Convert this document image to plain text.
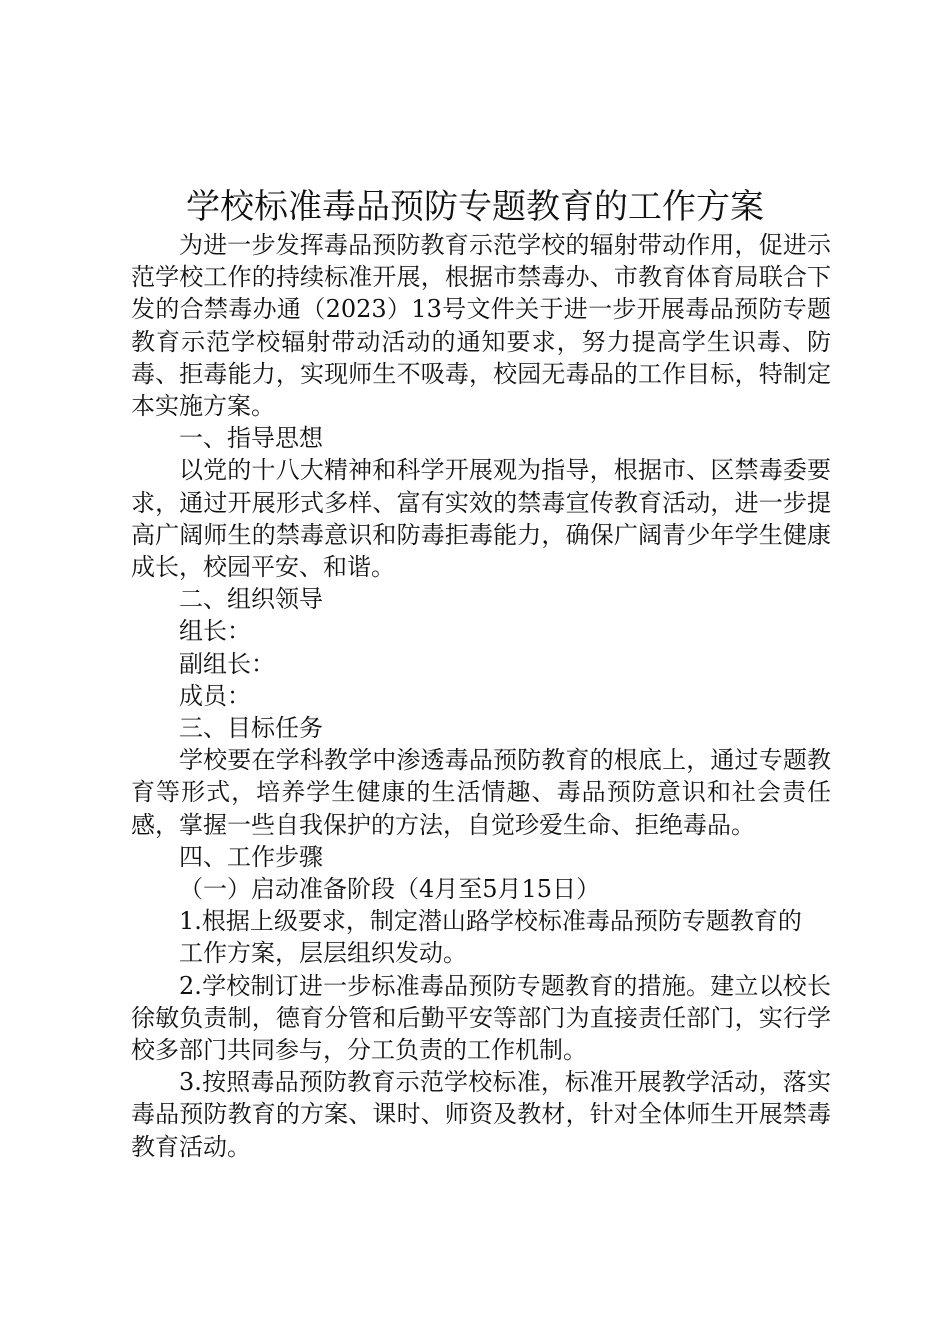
学校标准毒品预防专题教育的工作方案

为进一步发挥毒品预防教育示范学校的辐射带动作用，促进示范学校工作的持续标准开展，根据市禁毒办、市教育体育局联合下发的合禁毒办通（2023）13号文件关于进一步开展毒品预防专题教育示范学校辐射带动活动的通知要求，努力提高学生识毒、防毒、拒毒能力，实现师生不吸毒，校园无毒品的工作目标，特制定本实施方案。

一、指导思想

以党的十八大精神和科学开展观为指导，根据市、区禁毒委要求，通过开展形式多样、富有实效的禁毒宣传教育活动，进一步提高广阔师生的禁毒意识和防毒拒毒能力，确保广阔青少年学生健康成长，校园平安、和谐。

二、组织领导

组长：

副组长：

成员：

三、目标任务

学校要在学科教学中渗透毒品预防教育的根底上，通过专题教育等形式，培养学生健康的生活情趣、毒品预防意识和社会责任感，掌握一些自我保护的方法，自觉珍爱生命、拒绝毒品。

四、工作步骤

（一）启动准备阶段（4月至5月15日）

1.根据上级要求，制定潜山路学校标准毒品预防专题教育的

工作方案，层层组织发动。

2.学校制订进一步标准毒品预防专题教育的措施。建立以校长徐敏负责制，德育分管和后勤平安等部门为直接责任部门，实行学校多部门共同参与，分工负责的工作机制。

3.按照毒品预防教育示范学校标准，标准开展教学活动，落实毒品预防教育的方案、课时、师资及教材，针对全体师生开展禁毒教育活动。
